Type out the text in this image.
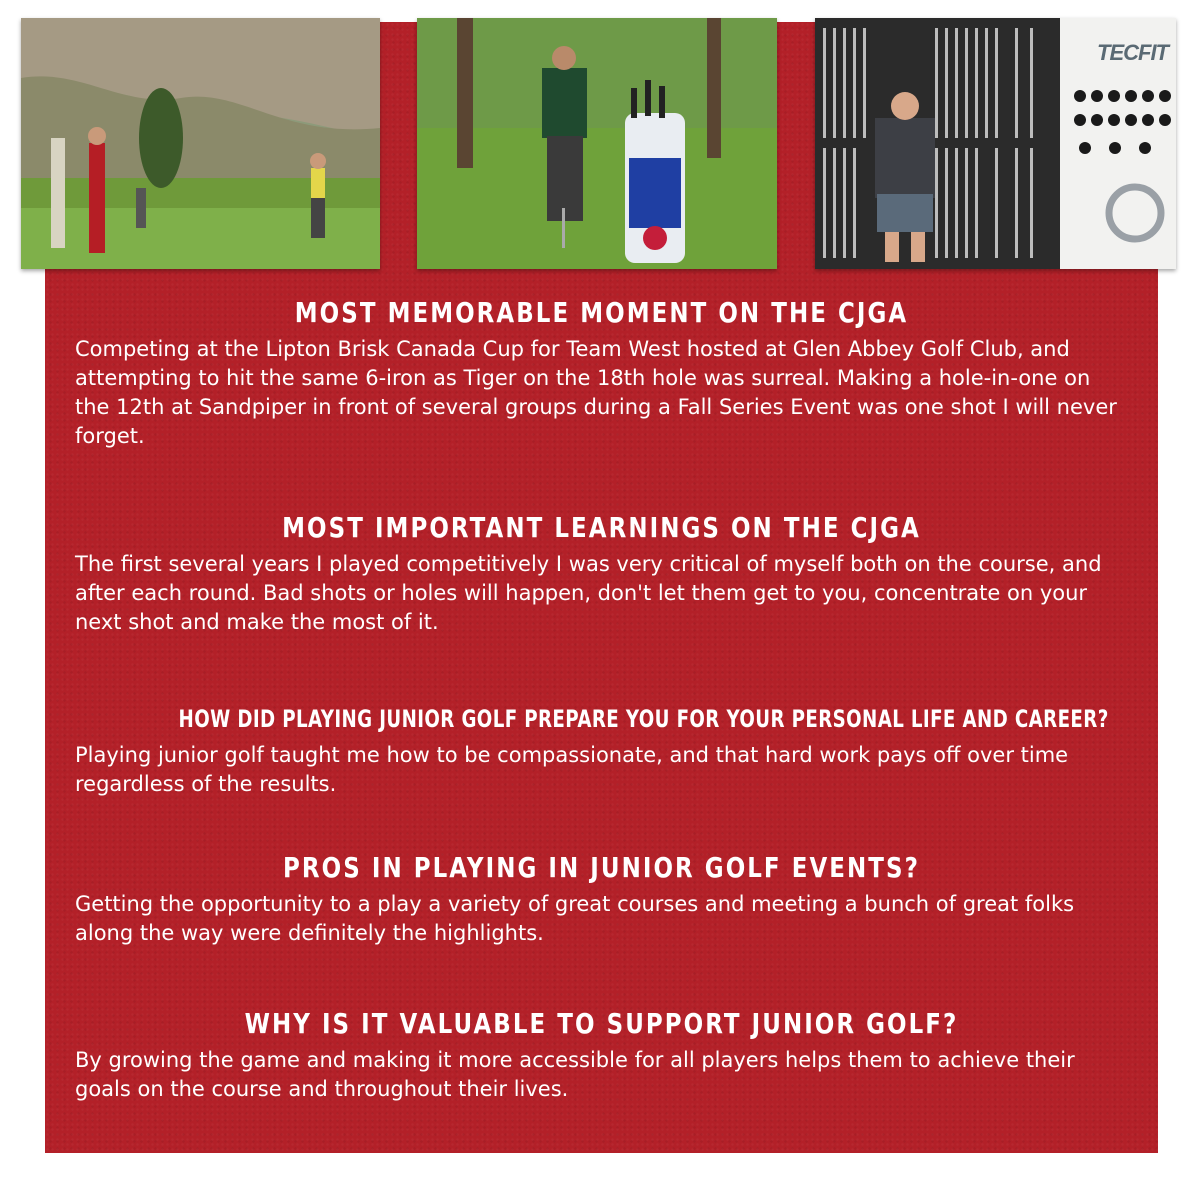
TECFIT
MOST MEMORABLE MOMENT ON THE CJGA
Competing at the Lipton Brisk Canada Cup for Team West hosted at Glen Abbey Golf Club, and attempting to hit the same 6-iron as Tiger on the 18th hole was surreal. Making a hole-in-one on the 12th at Sandpiper in front of several groups during a Fall Series Event was one shot I will never forget.
MOST IMPORTANT LEARNINGS ON THE CJGA
The first several years I played competitively I was very critical of myself both on the course, and after each round. Bad shots or holes will happen, don't let them get to you, concentrate on your next shot and make the most of it.
HOW DID PLAYING JUNIOR GOLF PREPARE YOU FOR YOUR PERSONAL LIFE AND CAREER?
Playing junior golf taught me how to be compassionate, and that hard work pays off over time regardless of the results.
PROS IN PLAYING IN JUNIOR GOLF EVENTS?
Getting the opportunity to a play a variety of great courses and meeting a bunch of great folks along the way were definitely the highlights.
WHY IS IT VALUABLE TO SUPPORT JUNIOR GOLF?
By growing the game and making it more accessible for all players helps them to achieve their goals on the course and throughout their lives.
